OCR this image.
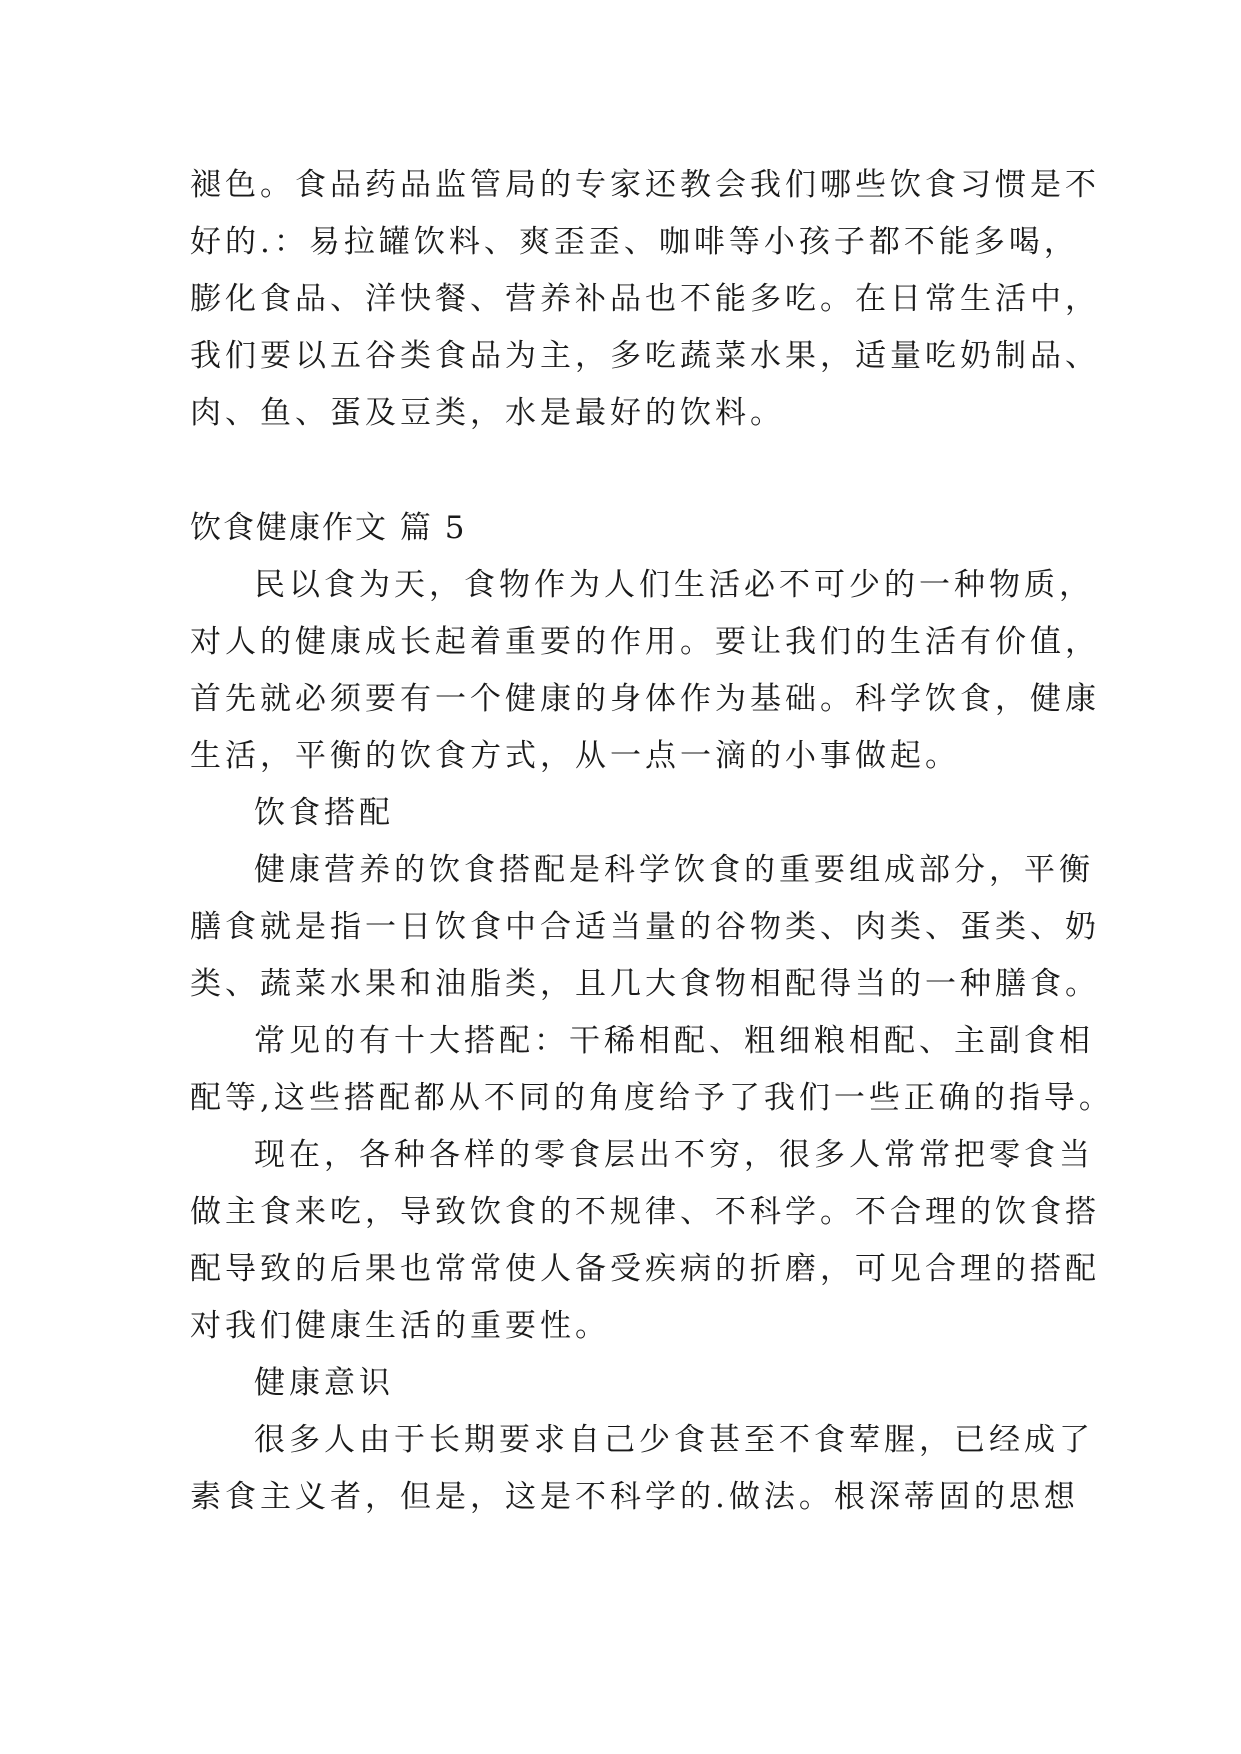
褪色。食品药品监管局的专家还教会我们哪些饮食习惯是不
好的.：易拉罐饮料、爽歪歪、咖啡等小孩子都不能多喝，
膨化食品、洋快餐、营养补品也不能多吃。在日常生活中，
我们要以五谷类食品为主，多吃蔬菜水果，适量吃奶制品、
肉、鱼、蛋及豆类，水是最好的饮料。
饮食健康作文 篇 5
民以食为天，食物作为人们生活必不可少的一种物质，
对人的健康成长起着重要的作用。要让我们的生活有价值，
首先就必须要有一个健康的身体作为基础。科学饮食，健康
生活，平衡的饮食方式，从一点一滴的小事做起。
饮食搭配
健康营养的饮食搭配是科学饮食的重要组成部分，平衡
膳食就是指一日饮食中合适当量的谷物类、肉类、蛋类、奶
类、蔬菜水果和油脂类，且几大食物相配得当的一种膳食。
常见的有十大搭配：干稀相配、粗细粮相配、主副食相
配等,这些搭配都从不同的角度给予了我们一些正确的指导。
现在，各种各样的零食层出不穷，很多人常常把零食当
做主食来吃，导致饮食的不规律、不科学。不合理的饮食搭
配导致的后果也常常使人备受疾病的折磨，可见合理的搭配
对我们健康生活的重要性。
健康意识
很多人由于长期要求自己少食甚至不食荤腥，已经成了
素食主义者，但是，这是不科学的.做法。根深蒂固的思想
